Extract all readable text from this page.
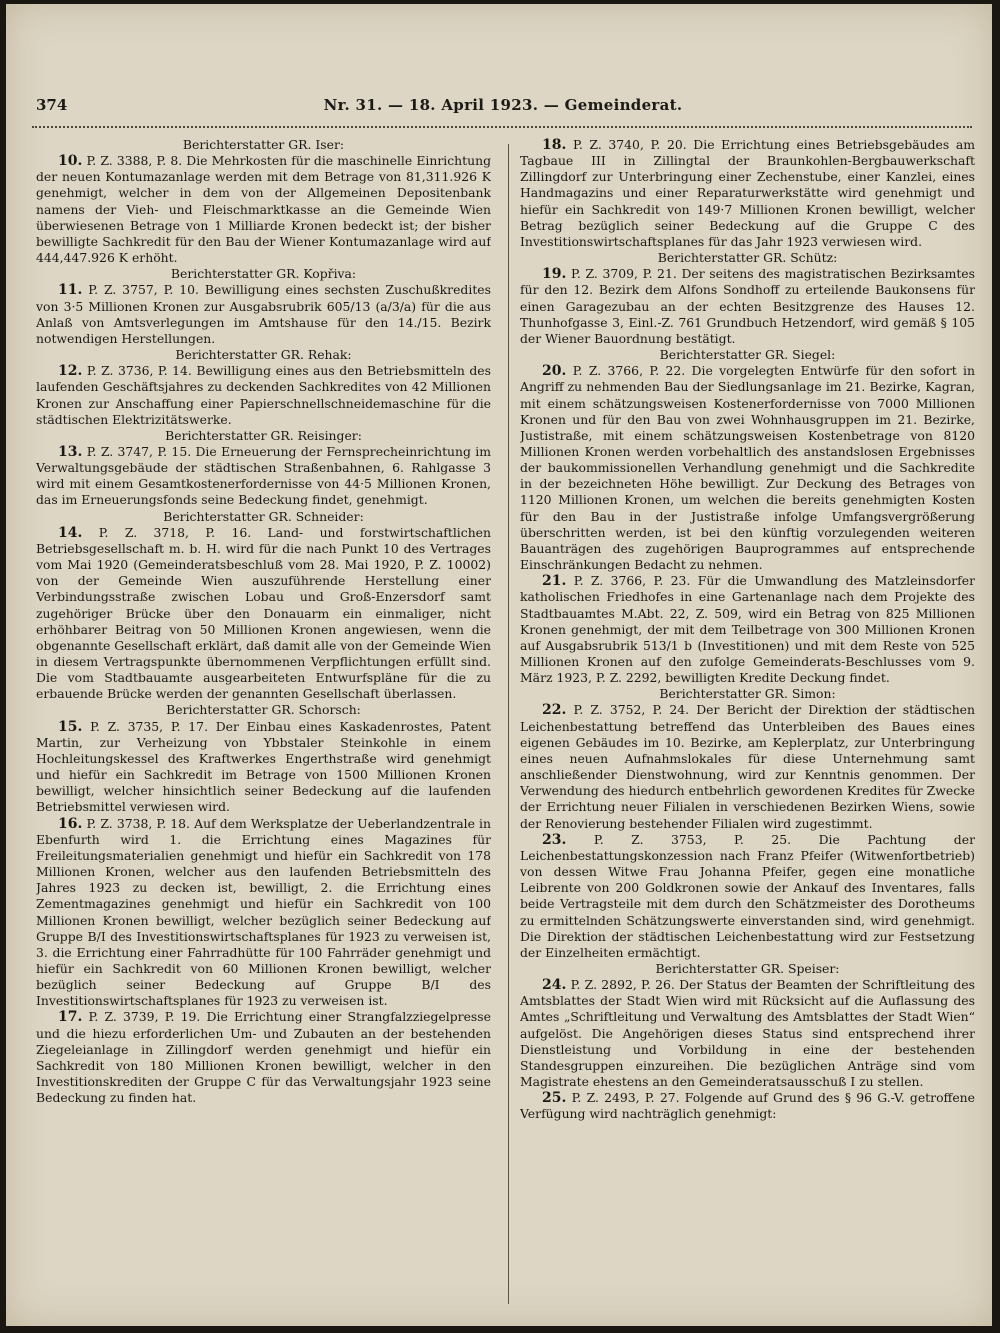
374	Nr. 31. — 18. April 1923. — Gemeinderat.

Berichterstatter GR. Iser:

10. P. Z. 3388, P. 8. Die Mehrkosten für die maschinelle Einrichtung der neuen Kontumazanlage werden mit dem Betrage von 81,311.926 K genehmigt, welcher in dem von der Allgemeinen Depositenbank namens der Vieh- und Fleischmarktkasse an die Gemeinde Wien überwiesenen Betrage von 1 Milliarde Kronen bedeckt ist; der bisher bewilligte Sachkredit für den Bau der Wiener Kontumazanlage wird auf 444,447.926 K erhöht.

Berichterstatter GR. Kopřiva:

11. P. Z. 3757, P. 10. Bewilligung eines sechsten Zuschußkredites von 3·5 Millionen Kronen zur Ausgabsrubrik 605/13 (a/3/a) für die aus Anlaß von Amtsverlegungen im Amtshause für den 14./15. Bezirk notwendigen Herstellungen.

Berichterstatter GR. Rehak:

12. P. Z. 3736, P. 14. Bewilligung eines aus den Betriebsmitteln des laufenden Geschäftsjahres zu deckenden Sachkredites von 42 Millionen Kronen zur Anschaffung einer Papierschnellschneidemaschine für die städtischen Elektrizitätswerke.

Berichterstatter GR. Reisinger:

13. P. Z. 3747, P. 15. Die Erneuerung der Fernsprecheinrichtung im Verwaltungsgebäude der städtischen Straßenbahnen, 6. Rahlgasse 3 wird mit einem Gesamtkostenerfordernisse von 44·5 Millionen Kronen, das im Erneuerungsfonds seine Bedeckung findet, genehmigt.

Berichterstatter GR. Schneider:

14. P. Z. 3718, P. 16. Land- und forstwirtschaftlichen Betriebsgesellschaft m. b. H. wird für die nach Punkt 10 des Vertrages vom Mai 1920 (Gemeinderatsbeschluß vom 28. Mai 1920, P. Z. 10002) von der Gemeinde Wien auszuführende Herstellung einer Verbindungsstraße zwischen Lobau und Groß-Enzersdorf samt zugehöriger Brücke über den Donauarm ein einmaliger, nicht erhöhbarer Beitrag von 50 Millionen Kronen angewiesen, wenn die obgenannte Gesellschaft erklärt, daß damit alle von der Gemeinde Wien in diesem Vertragspunkte übernommenen Verpflichtungen erfüllt sind. Die vom Stadtbauamte ausgearbeiteten Entwurfspläne für die zu erbauende Brücke werden der genannten Gesellschaft überlassen.

Berichterstatter GR. Schorsch:

15. P. Z. 3735, P. 17. Der Einbau eines Kaskadenrostes, Patent Martin, zur Verheizung von Ybbstaler Steinkohle in einem Hochleitungskessel des Kraftwerkes Engerthstraße wird genehmigt und hiefür ein Sachkredit im Betrage von 1500 Millionen Kronen bewilligt, welcher hinsichtlich seiner Bedeckung auf die laufenden Betriebsmittel verwiesen wird.

16. P. Z. 3738, P. 18. Auf dem Werksplatze der Ueberlandzentrale in Ebenfurth wird 1. die Errichtung eines Magazines für Freileitungsmaterialien genehmigt und hiefür ein Sachkredit von 178 Millionen Kronen, welcher aus den laufenden Betriebsmitteln des Jahres 1923 zu decken ist, bewilligt, 2. die Errichtung eines Zementmagazines genehmigt und hiefür ein Sachkredit von 100 Millionen Kronen bewilligt, welcher bezüglich seiner Bedeckung auf Gruppe B/I des Investitionswirtschaftsplanes für 1923 zu verweisen ist, 3. die Errichtung einer Fahrradhütte für 100 Fahrräder genehmigt und hiefür ein Sachkredit von 60 Millionen Kronen bewilligt, welcher bezüglich seiner Bedeckung auf Gruppe B/I des Investitionswirtschaftsplanes für 1923 zu verweisen ist.

17. P. Z. 3739, P. 19. Die Errichtung einer Strangfalzziegelpresse und die hiezu erforderlichen Um- und Zubauten an der bestehenden Ziegeleianlage in Zillingdorf werden genehmigt und hiefür ein Sachkredit von 180 Millionen Kronen bewilligt, welcher in den Investitionskrediten der Gruppe C für das Verwaltungsjahr 1923 seine Bedeckung zu finden hat.

18. P. Z. 3740, P. 20. Die Errichtung eines Betriebsgebäudes am Tagbaue III in Zillingtal der Braunkohlen-Bergbauwerkschaft Zillingdorf zur Unterbringung einer Zechenstube, einer Kanzlei, eines Handmagazins und einer Reparaturwerkstätte wird genehmigt und hiefür ein Sachkredit von 149·7 Millionen Kronen bewilligt, welcher Betrag bezüglich seiner Bedeckung auf die Gruppe C des Investitionswirtschaftsplanes für das Jahr 1923 verwiesen wird.

Berichterstatter GR. Schütz:

19. P. Z. 3709, P. 21. Der seitens des magistratischen Bezirksamtes für den 12. Bezirk dem Alfons Sondhoff zu erteilende Baukonsens für einen Garagezubau an der echten Besitzgrenze des Hauses 12. Thunhofgasse 3, Einl.-Z. 761 Grundbuch Hetzendorf, wird gemäß § 105 der Wiener Bauordnung bestätigt.

Berichterstatter GR. Siegel:

20. P. Z. 3766, P. 22. Die vorgelegten Entwürfe für den sofort in Angriff zu nehmenden Bau der Siedlungsanlage im 21. Bezirke, Kagran, mit einem schätzungsweisen Kostenerfordernisse von 7000 Millionen Kronen und für den Bau von zwei Wohnhausgruppen im 21. Bezirke, Justistraße, mit einem schätzungsweisen Kostenbetrage von 8120 Millionen Kronen werden vorbehaltlich des anstandslosen Ergebnisses der baukommissionellen Verhandlung genehmigt und die Sachkredite in der bezeichneten Höhe bewilligt. Zur Deckung des Betrages von 1120 Millionen Kronen, um welchen die bereits genehmigten Kosten für den Bau in der Justistraße infolge Umfangsvergrößerung überschritten werden, ist bei den künftig vorzulegenden weiteren Bauanträgen des zugehörigen Bauprogrammes auf entsprechende Einschränkungen Bedacht zu nehmen.

21. P. Z. 3766, P. 23. Für die Umwandlung des Matzleinsdorfer katholischen Friedhofes in eine Gartenanlage nach dem Projekte des Stadtbauamtes M.Abt. 22, Z. 509, wird ein Betrag von 825 Millionen Kronen genehmigt, der mit dem Teilbetrage von 300 Millionen Kronen auf Ausgabsrubrik 513/1 b (Investitionen) und mit dem Reste von 525 Millionen Kronen auf den zufolge Gemeinderats-Beschlusses vom 9. März 1923, P. Z. 2292, bewilligten Kredite Deckung findet.

Berichterstatter GR. Simon:

22. P. Z. 3752, P. 24. Der Bericht der Direktion der städtischen Leichenbestattung betreffend das Unterbleiben des Baues eines eigenen Gebäudes im 10. Bezirke, am Keplerplatz, zur Unterbringung eines neuen Aufnahmslokales für diese Unternehmung samt anschließender Dienstwohnung, wird zur Kenntnis genommen. Der Verwendung des hiedurch entbehrlich gewordenen Kredites für Zwecke der Errichtung neuer Filialen in verschiedenen Bezirken Wiens, sowie der Renovierung bestehender Filialen wird zugestimmt.

23. P. Z. 3753, P. 25. Die Pachtung der Leichenbestattungskonzession nach Franz Pfeifer (Witwenfortbetrieb) von dessen Witwe Frau Johanna Pfeifer, gegen eine monatliche Leibrente von 200 Goldkronen sowie der Ankauf des Inventares, falls beide Vertragsteile mit dem durch den Schätzmeister des Dorotheums zu ermittelnden Schätzungswerte einverstanden sind, wird genehmigt. Die Direktion der städtischen Leichenbestattung wird zur Festsetzung der Einzelheiten ermächtigt.

Berichterstatter GR. Speiser:

24. P. Z. 2892, P. 26. Der Status der Beamten der Schriftleitung des Amtsblattes der Stadt Wien wird mit Rücksicht auf die Auflassung des Amtes „Schriftleitung und Verwaltung des Amtsblattes der Stadt Wien“ aufgelöst. Die Angehörigen dieses Status sind entsprechend ihrer Dienstleistung und Vorbildung in eine der bestehenden Standesgruppen einzureihen. Die bezüglichen Anträge sind vom Magistrate ehestens an den Gemeinderatsausschuß I zu stellen.

25. P. Z. 2493, P. 27. Folgende auf Grund des § 96 G.-V. getroffene Verfügung wird nachträglich genehmigt:
